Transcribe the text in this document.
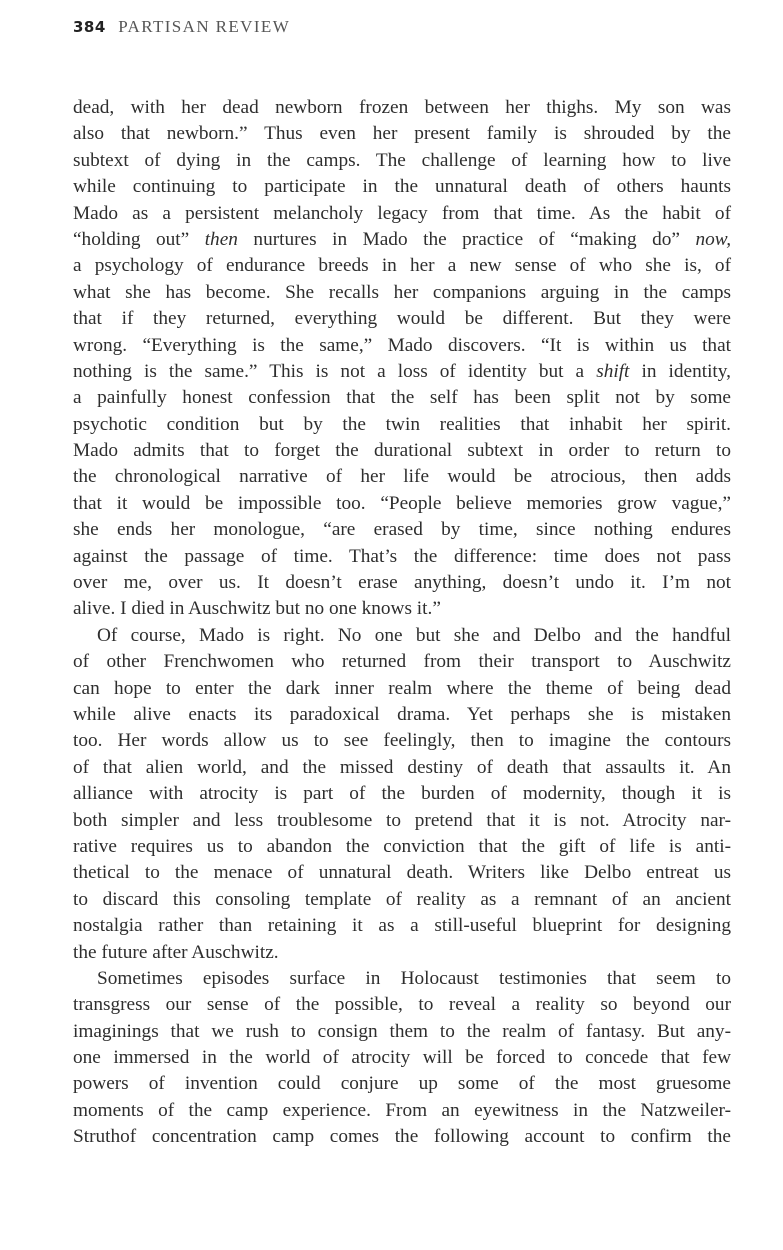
384 PARTISAN REVIEW
dead, with her dead newborn frozen between her thighs. My son was
also that newborn.” Thus even her present family is shrouded by the
subtext of dying in the camps. The challenge of learning how to live
while continuing to participate in the unnatural death of others haunts
Mado as a persistent melancholy legacy from that time. As the habit of
“holding out” then nurtures in Mado the practice of “making do” now,
a psychology of endurance breeds in her a new sense of who she is, of
what she has become. She recalls her companions arguing in the camps
that if they returned, everything would be different. But they were
wrong. “Everything is the same,” Mado discovers. “It is within us that
nothing is the same.” This is not a loss of identity but a shift in identity,
a painfully honest confession that the self has been split not by some
psychotic condition but by the twin realities that inhabit her spirit.
Mado admits that to forget the durational subtext in order to return to
the chronological narrative of her life would be atrocious, then adds
that it would be impossible too. “People believe memories grow vague,”
she ends her monologue, “are erased by time, since nothing endures
against the passage of time. That’s the difference: time does not pass
over me, over us. It doesn’t erase anything, doesn’t undo it. I’m not
alive. I died in Auschwitz but no one knows it.”
Of course, Mado is right. No one but she and Delbo and the handful
of other Frenchwomen who returned from their transport to Auschwitz
can hope to enter the dark inner realm where the theme of being dead
while alive enacts its paradoxical drama. Yet perhaps she is mistaken
too. Her words allow us to see feelingly, then to imagine the contours
of that alien world, and the missed destiny of death that assaults it. An
alliance with atrocity is part of the burden of modernity, though it is
both simpler and less troublesome to pretend that it is not. Atrocity nar-
rative requires us to abandon the conviction that the gift of life is anti-
thetical to the menace of unnatural death. Writers like Delbo entreat us
to discard this consoling template of reality as a remnant of an ancient
nostalgia rather than retaining it as a still-useful blueprint for designing
the future after Auschwitz.
Sometimes episodes surface in Holocaust testimonies that seem to
transgress our sense of the possible, to reveal a reality so beyond our
imaginings that we rush to consign them to the realm of fantasy. But any-
one immersed in the world of atrocity will be forced to concede that few
powers of invention could conjure up some of the most gruesome
moments of the camp experience. From an eyewitness in the Natzweiler-
Struthof concentration camp comes the following account to confirm the
